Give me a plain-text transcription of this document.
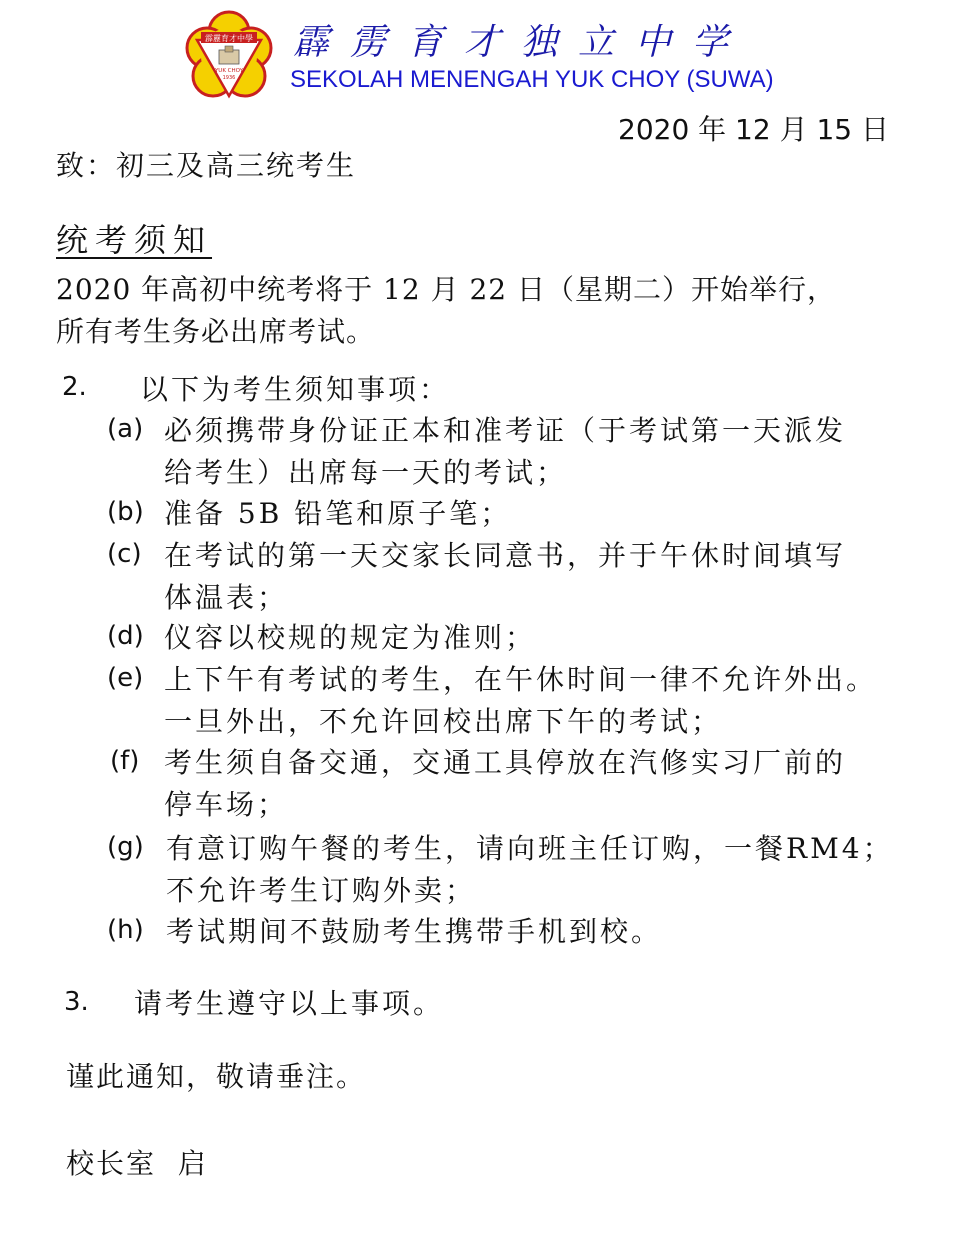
霹靂育才中學
YUK CHOY
1936
霹雳育才独立中学
SEKOLAH MENENGAH YUK CHOY (SUWA)
2020 年 12 月 15 日
致：初三及高三统考生
统考须知
2020 年高初中统考将于 12 月 22 日（星期二）开始举行，
所有考生务必出席考试。
2. 以下为考生须知事项：
(a) 必须携带身份证正本和准考证（于考试第一天派发
给考生）出席每一天的考试；
(b) 准备 5B 铅笔和原子笔；
(c) 在考试的第一天交家长同意书，并于午休时间填写
体温表；
(d) 仪容以校规的规定为准则；
(e) 上下午有考试的考生，在午休时间一律不允许外出。
一旦外出，不允许回校出席下午的考试；
(f) 考生须自备交通，交通工具停放在汽修实习厂前的
停车场；
(g) 有意订购午餐的考生，请向班主任订购，一餐RM4；
不允许考生订购外卖；
(h) 考试期间不鼓励考生携带手机到校。
3. 请考生遵守以上事项。
谨此通知，敬请垂注。
校长室  启
